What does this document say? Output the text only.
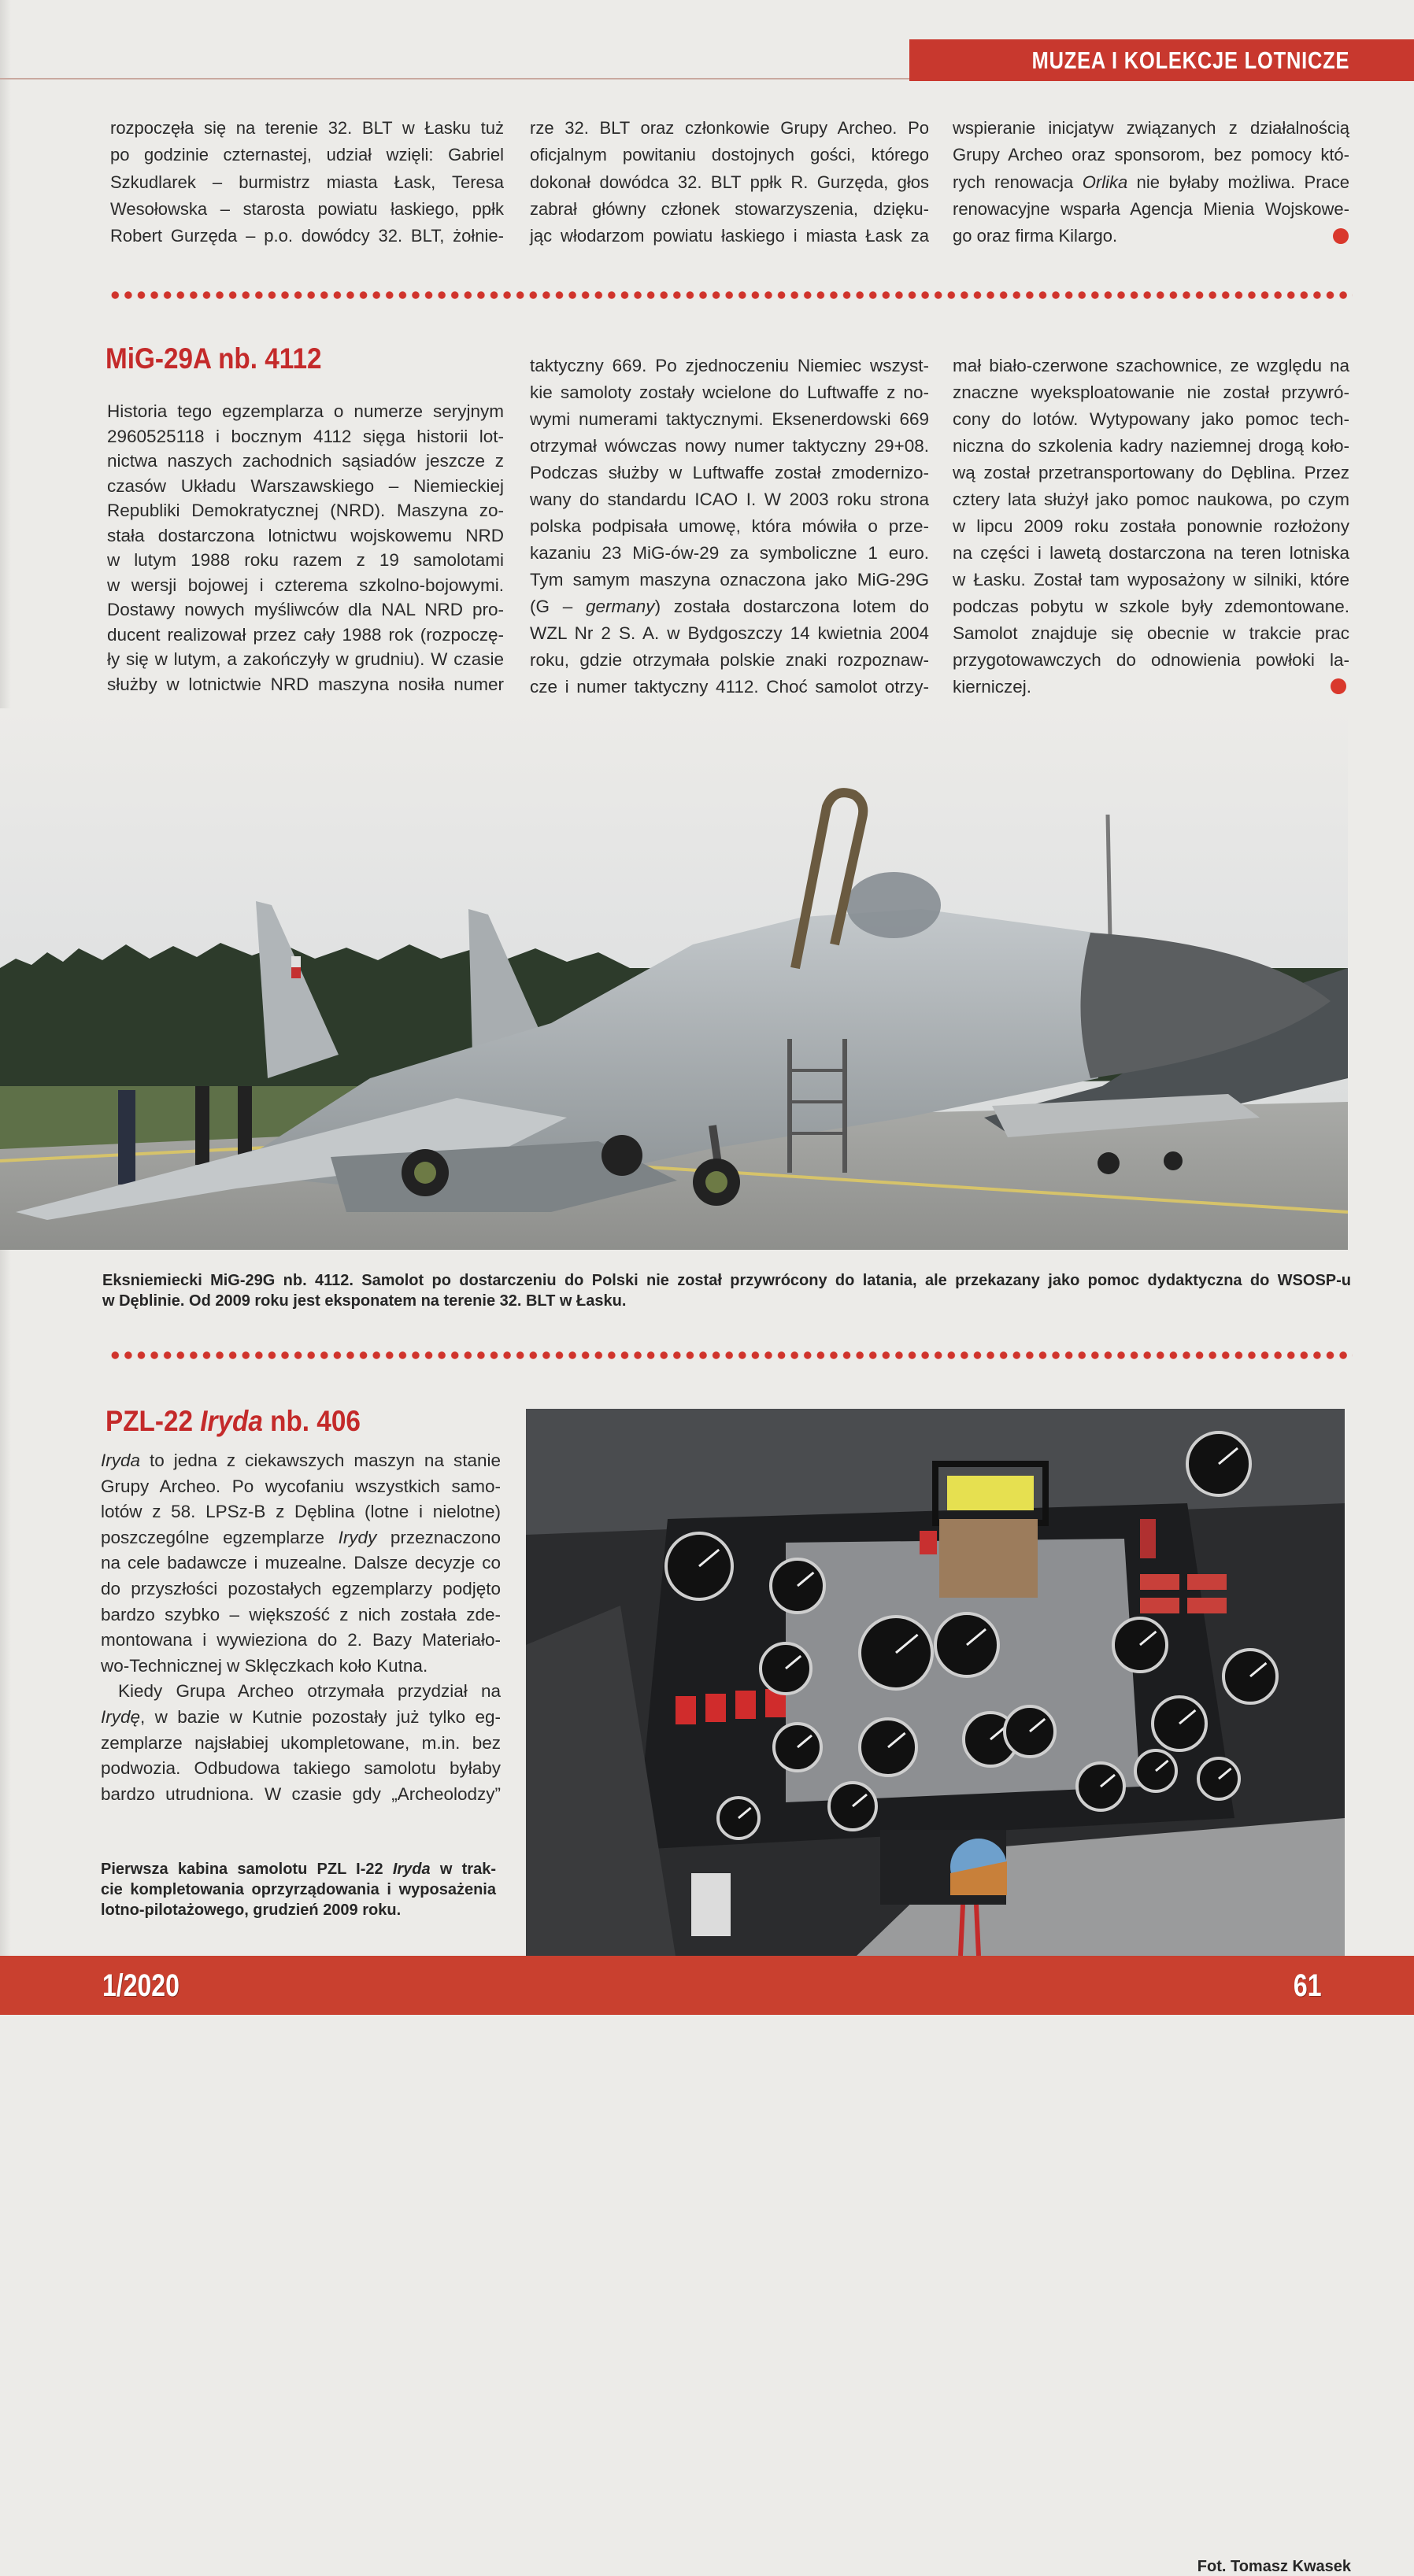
MUZEA I KOLEKCJE LOTNICZE
rozpoczęła się na terenie 32. BLT w Łasku tuż
po godzinie czternastej, udział wzięli: Gabriel
Szkudlarek – burmistrz miasta Łask, Teresa
Wesołowska – starosta powiatu łaskiego, ppłk
Robert Gurzęda – p.o. dowódcy 32. BLT, żołnie-
rze 32. BLT oraz członkowie Grupy Archeo. Po
oficjalnym powitaniu dostojnych gości, którego
dokonał dowódca 32. BLT ppłk R. Gurzęda, głos
zabrał główny członek stowarzyszenia, dzięku-
jąc włodarzom powiatu łaskiego i miasta Łask za
wspieranie inicjatyw związanych z działalnością
Grupy Archeo oraz sponsorom, bez pomocy któ-
rych renowacja Orlika nie byłaby możliwa. Prace
renowacyjne wsparła Agencja Mienia Wojskowe-
go oraz firma Kilargo.
MiG-29A nb. 4112
Historia tego egzemplarza o numerze seryjnym
2960525118 i bocznym 4112 sięga historii lot-
nictwa naszych zachodnich sąsiadów jeszcze z
czasów Układu Warszawskiego – Niemieckiej
Republiki Demokratycznej (NRD). Maszyna zo-
stała dostarczona lotnictwu wojskowemu NRD
w lutym 1988 roku razem z 19 samolotami
w wersji bojowej i czterema szkolno-bojowymi.
Dostawy nowych myśliwców dla NAL NRD pro-
ducent realizował przez cały 1988 rok (rozpoczę-
ły się w lutym, a zakończyły w grudniu). W czasie
służby w lotnictwie NRD maszyna nosiła numer
taktyczny 669. Po zjednoczeniu Niemiec wszyst-
kie samoloty zostały wcielone do Luftwaffe z no-
wymi numerami taktycznymi. Eksenerdowski 669
otrzymał wówczas nowy numer taktyczny 29+08.
Podczas służby w Luftwaffe został zmodernizo-
wany do standardu ICAO I. W 2003 roku strona
polska podpisała umowę, która mówiła o prze-
kazaniu 23 MiG-ów-29 za symboliczne 1 euro.
Tym samym maszyna oznaczona jako MiG-29G
(G – germany) została dostarczona lotem do
WZL Nr 2 S. A. w Bydgoszczy 14 kwietnia 2004
roku, gdzie otrzymała polskie znaki rozpoznaw-
cze i numer taktyczny 4112. Choć samolot otrzy-
mał biało-czerwone szachownice, ze względu na
znaczne wyeksploatowanie nie został przywró-
cony do lotów. Wytypowany jako pomoc tech-
niczna do szkolenia kadry naziemnej drogą koło-
wą został przetransportowany do Dęblina. Przez
cztery lata służył jako pomoc naukowa, po czym
w lipcu 2009 roku została ponownie rozłożony
na części i lawetą dostarczona na teren lotniska
w Łasku. Został tam wyposażony w silniki, które
podczas pobytu w szkole były zdemontowane.
Samolot znajduje się obecnie w trakcie prac
przygotowawczych do odnowienia powłoki la-
kierniczej.
Fot. Tomasz Kwasek
Eksniemiecki MiG-29G nb. 4112. Samolot po dostarczeniu do Polski nie został przywrócony do latania, ale przekazany jako pomoc dydaktyczna do WSOSP-u
w Dęblinie. Od 2009 roku jest eksponatem na terenie 32. BLT w Łasku.
PZL-22 Iryda nb. 406
Iryda to jedna z ciekawszych maszyn na stanie
Grupy Archeo. Po wycofaniu wszystkich samo-
lotów z 58. LPSz-B z Dęblina (lotne i nielotne)
poszczególne egzemplarze Irydy przeznaczono
na cele badawcze i muzealne. Dalsze decyzje co
do przyszłości pozostałych egzemplarzy podjęto
bardzo szybko – większość z nich została zde-
montowana i wywieziona do 2. Bazy Materiało-
wo-Technicznej w Sklęczkach koło Kutna.
Kiedy Grupa Archeo otrzymała przydział na
Irydę, w bazie w Kutnie pozostały już tylko eg-
zemplarze najsłabiej ukompletowane, m.in. bez
podwozia. Odbudowa takiego samolotu byłaby
bardzo utrudniona. W czasie gdy „Archeolodzy”
Pierwsza kabina samolotu PZL I-22 Iryda w trak-
cie kompletowania oprzyrządowania i wyposażenia
lotno-pilotażowego, grudzień 2009 roku.
1/2020	61
